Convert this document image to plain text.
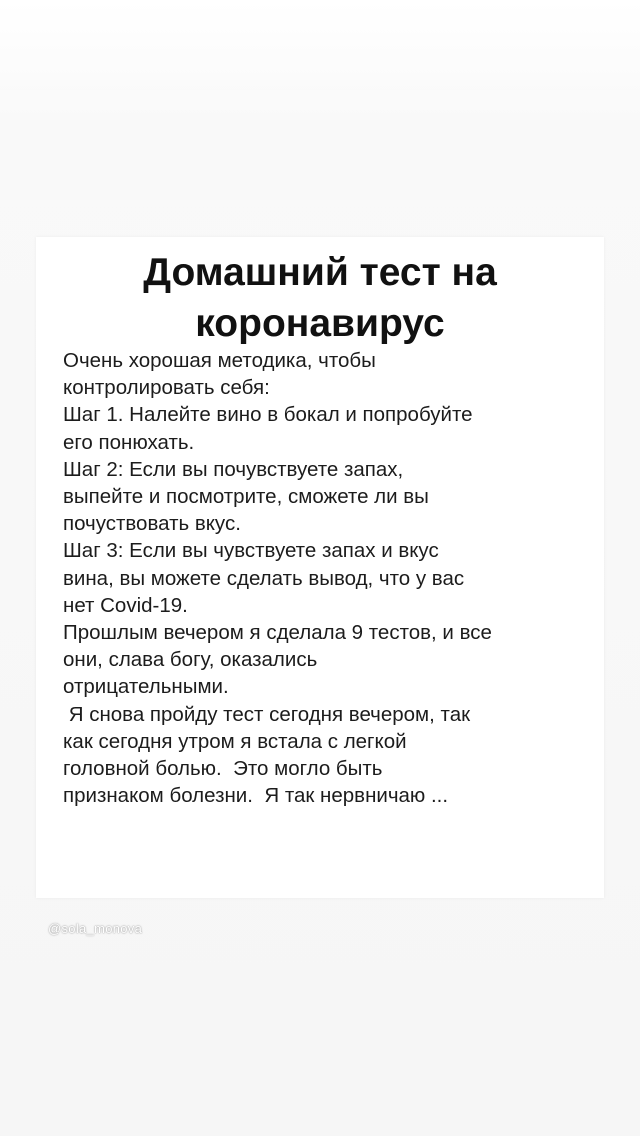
Домашний тест на
коронавирус
Очень хорошая методика, чтобы
контролировать себя:
Шаг 1. Налейте вино в бокал и попробуйте
его понюхать.
Шаг 2: Если вы почувствуете запах,
выпейте и посмотрите, сможете ли вы
почуствовать вкус.
Шаг 3: Если вы чувствуете запах и вкус
вина, вы можете сделать вывод, что у вас
нет Covid-19.
Прошлым вечером я сделала 9 тестов, и все
они, слава богу, оказались
отрицательными.
Я снова пройду тест сегодня вечером, так
как сегодня утром я встала с легкой
головной болью.  Это могло быть
признаком болезни.  Я так нервничаю ...
@sola_monova
